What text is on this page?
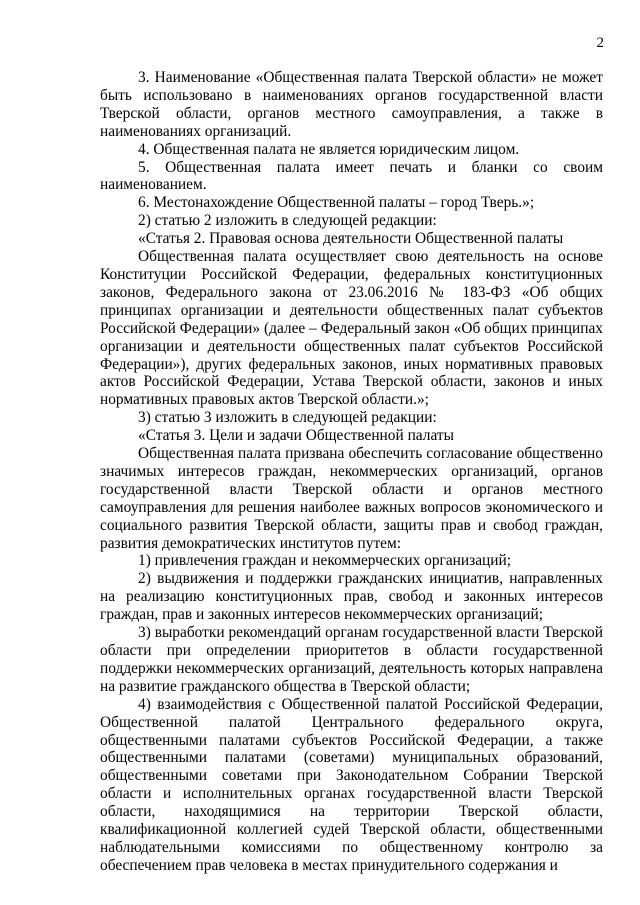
2

3. Наименование «Общественная палата Тверской области» не может быть использовано в наименованиях органов государственной власти Тверской области, органов местного самоуправления, а также в наименованиях организаций.

4. Общественная палата не является юридическим лицом.

5. Общественная палата имеет печать и бланки со своим наименованием.

6. Местонахождение Общественной палаты – город Тверь.»;

2) статью 2 изложить в следующей редакции:

«Статья 2. Правовая основа деятельности Общественной палаты

Общественная палата осуществляет свою деятельность на основе Конституции Российской Федерации, федеральных конституционных законов, Федерального закона от 23.06.2016 № 183-ФЗ «Об общих принципах организации и деятельности общественных палат субъектов Российской Федерации» (далее – Федеральный закон «Об общих принципах организации и деятельности общественных палат субъектов Российской Федерации»), других федеральных законов, иных нормативных правовых актов Российской Федерации, Устава Тверской области, законов и иных нормативных правовых актов Тверской области.»;

3) статью 3 изложить в следующей редакции:

«Статья 3. Цели и задачи Общественной палаты

Общественная палата призвана обеспечить согласование общественно значимых интересов граждан, некоммерческих организаций, органов государственной власти Тверской области и органов местного самоуправления для решения наиболее важных вопросов экономического и социального развития Тверской области, защиты прав и свобод граждан, развития демократических институтов путем:

1) привлечения граждан и некоммерческих организаций;

2) выдвижения и поддержки гражданских инициатив, направленных на реализацию конституционных прав, свобод и законных интересов граждан, прав и законных интересов некоммерческих организаций;

3) выработки рекомендаций органам государственной власти Тверской области при определении приоритетов в области государственной поддержки некоммерческих организаций, деятельность которых направлена на развитие гражданского общества в Тверской области;

4) взаимодействия с Общественной палатой Российской Федерации, Общественной палатой Центрального федерального округа, общественными палатами субъектов Российской Федерации, а также общественными палатами (советами) муниципальных образований, общественными советами при Законодательном Собрании Тверской области и исполнительных органах государственной власти Тверской области, находящимися на территории Тверской области, квалификационной коллегией судей Тверской области, общественными наблюдательными комиссиями по общественному контролю за обеспечением прав человека в местах принудительного содержания и
